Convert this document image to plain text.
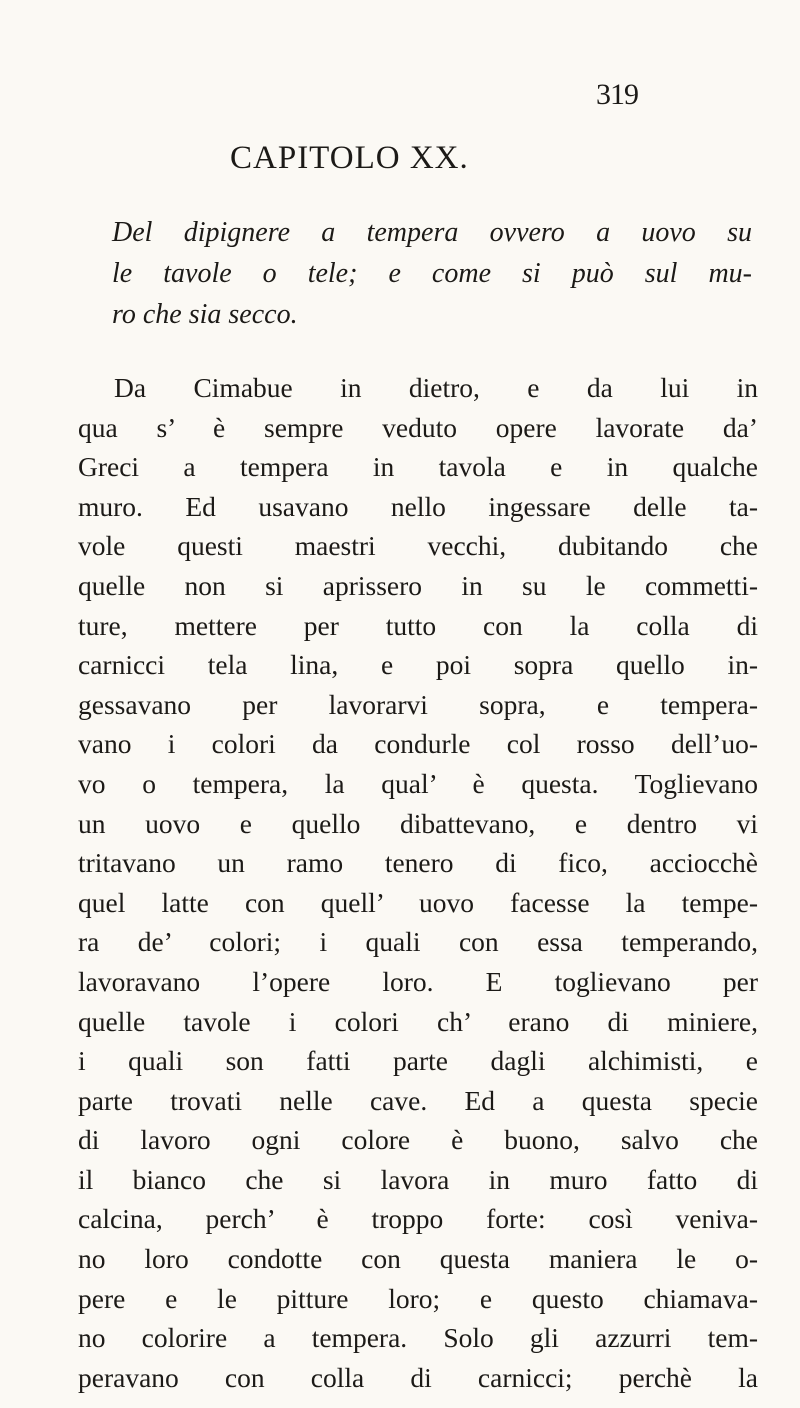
319
CAPITOLO XX.
Del dipignere a tempera ovvero a uovo su
le tavole o tele; e come si può sul mu-
ro che sia secco.
Da Cimabue in dietro, e da lui in
qua s’ è sempre veduto opere lavorate da’
Greci a tempera in tavola e in qualche
muro. Ed usavano nello ingessare delle ta-
vole questi maestri vecchi, dubitando che
quelle non si aprissero in su le commetti-
ture, mettere per tutto con la colla di
carnicci tela lina, e poi sopra quello in-
gessavano per lavorarvi sopra, e tempera-
vano i colori da condurle col rosso dell’uo-
vo o tempera, la qual’ è questa. Toglievano
un uovo e quello dibattevano, e dentro vi
tritavano un ramo tenero di fico, acciocchè
quel latte con quell’ uovo facesse la tempe-
ra de’ colori; i quali con essa temperando,
lavoravano l’opere loro. E toglievano per
quelle tavole i colori ch’ erano di miniere,
i quali son fatti parte dagli alchimisti, e
parte trovati nelle cave. Ed a questa specie
di lavoro ogni colore è buono, salvo che
il bianco che si lavora in muro fatto di
calcina, perch’ è troppo forte: così veniva-
no loro condotte con questa maniera le o-
pere e le pitture loro; e questo chiamava-
no colorire a tempera. Solo gli azzurri tem-
peravano con colla di carnicci; perchè la
